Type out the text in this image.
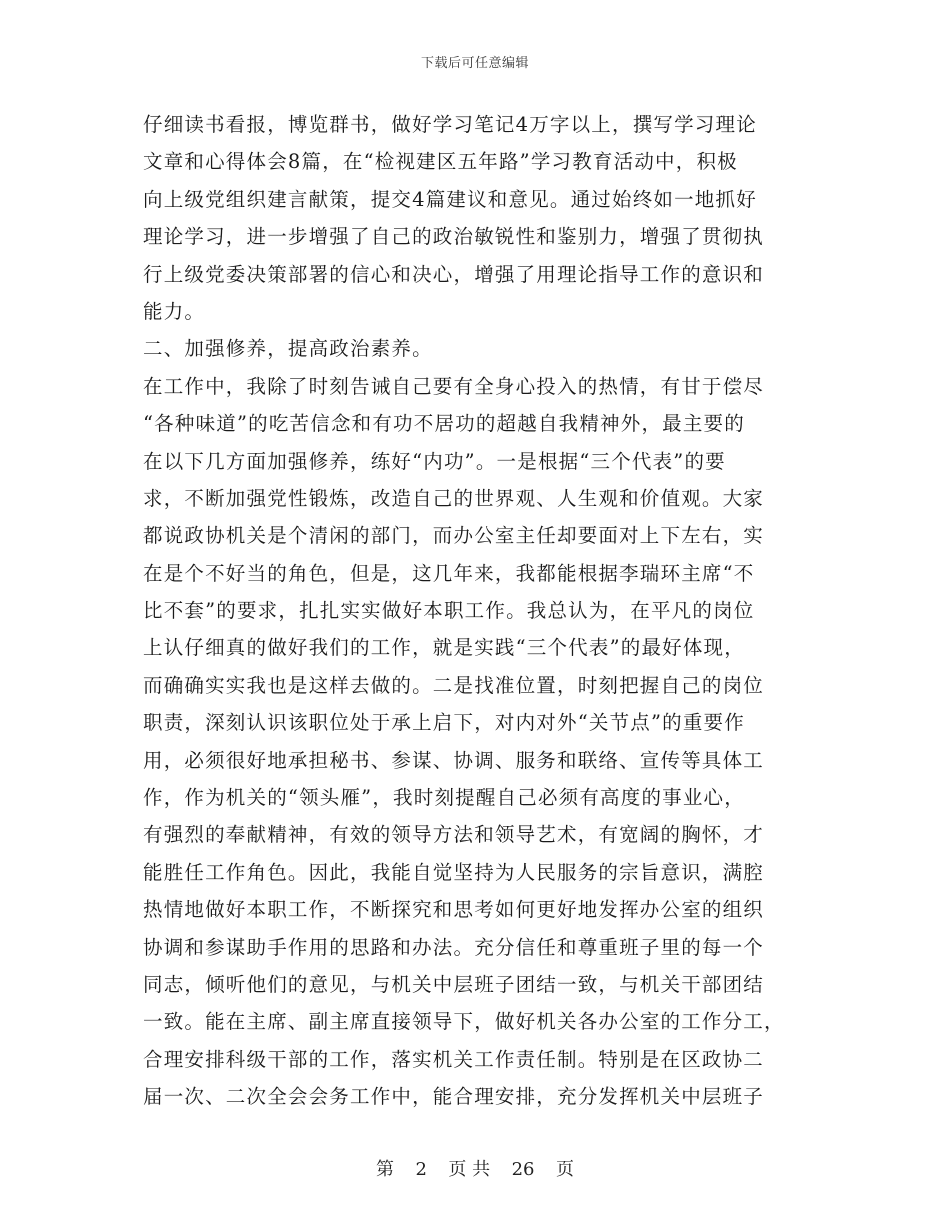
下载后可任意编辑
仔细读书看报，博览群书，做好学习笔记4万字以上，撰写学习理论
文章和心得体会8篇，在“检视建区五年路”学习教育活动中，积极
向上级党组织建言献策，提交4篇建议和意见。通过始终如一地抓好
理论学习，进一步增强了自己的政治敏锐性和鉴别力，增强了贯彻执
行上级党委决策部署的信心和决心，增强了用理论指导工作的意识和
能力。
二、加强修养，提高政治素养。
在工作中，我除了时刻告诫自己要有全身心投入的热情，有甘于偿尽
“各种味道”的吃苦信念和有功不居功的超越自我精神外，最主要的
在以下几方面加强修养，练好“内功”。一是根据“三个代表”的要
求，不断加强党性锻炼，改造自己的世界观、人生观和价值观。大家
都说政协机关是个清闲的部门，而办公室主任却要面对上下左右，实
在是个不好当的角色，但是，这几年来，我都能根据李瑞环主席“不
比不套”的要求，扎扎实实做好本职工作。我总认为，在平凡的岗位
上认仔细真的做好我们的工作，就是实践“三个代表”的最好体现，
而确确实实我也是这样去做的。二是找准位置，时刻把握自己的岗位
职责，深刻认识该职位处于承上启下，对内对外“关节点”的重要作
用，必须很好地承担秘书、参谋、协调、服务和联络、宣传等具体工
作，作为机关的“领头雁”，我时刻提醒自己必须有高度的事业心，
有强烈的奉献精神，有效的领导方法和领导艺术，有宽阔的胸怀，才
能胜任工作角色。因此，我能自觉坚持为人民服务的宗旨意识，满腔
热情地做好本职工作，不断探究和思考如何更好地发挥办公室的组织
协调和参谋助手作用的思路和办法。充分信任和尊重班子里的每一个
同志，倾听他们的意见，与机关中层班子团结一致，与机关干部团结
一致。能在主席、副主席直接领导下，做好机关各办公室的工作分工，
合理安排科级干部的工作，落实机关工作责任制。特别是在区政协二
届一次、二次全会会务工作中，能合理安排，充分发挥机关中层班子
第 2 页 共 26 页
